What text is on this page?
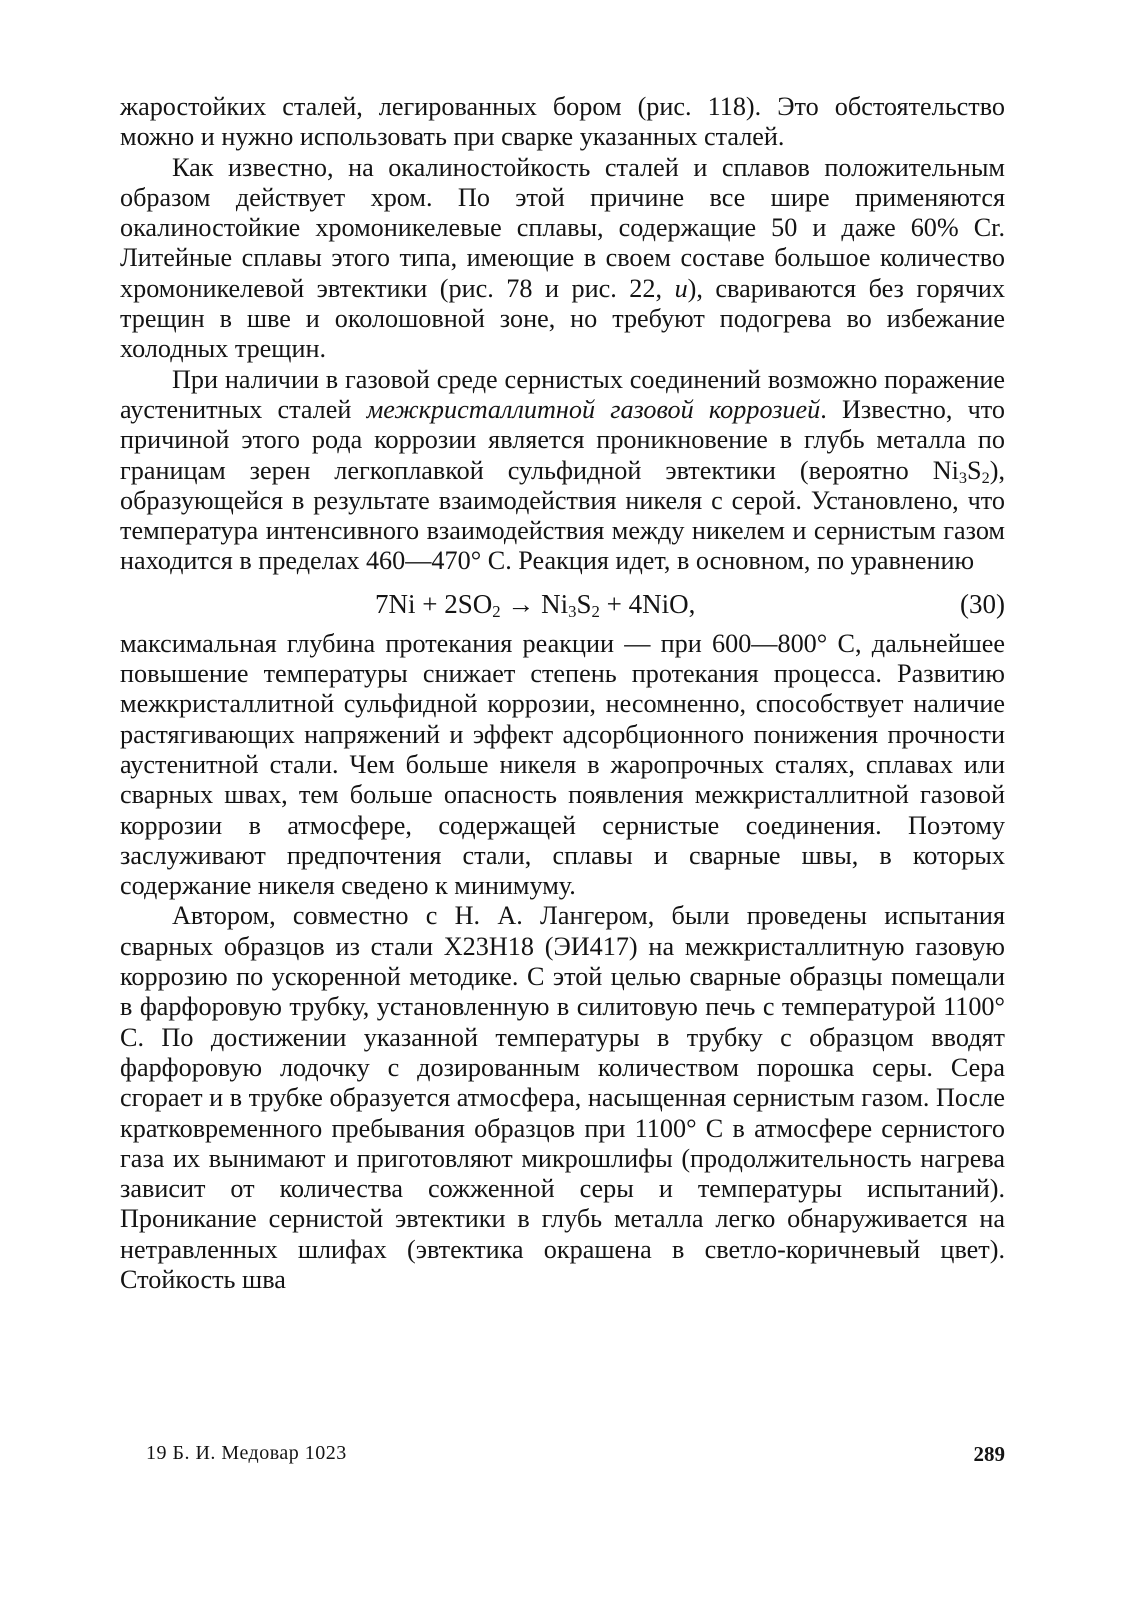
жаростойких сталей, легированных бором (рис. 118). Это обстоятельство можно и нужно использовать при сварке указанных сталей.

Как известно, на окалиностойкость сталей и сплавов положительным образом действует хром. По этой причине все шире применяются окалиностойкие хромоникелевые сплавы, содержащие 50 и даже 60% Cr. Литейные сплавы этого типа, имеющие в своем составе большое количество хромоникелевой эвтектики (рис. 78 и рис. 22, и), свариваются без горячих трещин в шве и околошовной зоне, но требуют подогрева во избежание холодных трещин.

При наличии в газовой среде сернистых соединений возможно поражение аустенитных сталей межкристаллитной газовой коррозией. Известно, что причиной этого рода коррозии является проникновение в глубь металла по границам зерен легкоплавкой сульфидной эвтектики (вероятно $Ni_3S_2$), образующейся в результате взаимодействия никеля с серой. Установлено, что температура интенсивного взаимодействия между никелем и сернистым газом находится в пределах 460—470° С. Реакция идет, в основном, по уравнению

$7Ni + 2SO_2 \to Ni_3S_2 + 4NiO$,	(30)

максимальная глубина протекания реакции — при 600—800° С, дальнейшее повышение температуры снижает степень протекания процесса. Развитию межкристаллитной сульфидной коррозии, несомненно, способствует наличие растягивающих напряжений и эффект адсорбционного понижения прочности аустенитной стали. Чем больше никеля в жаропрочных сталях, сплавах или сварных швах, тем больше опасность появления межкристаллитной газовой коррозии в атмосфере, содержащей сернистые соединения. Поэтому заслуживают предпочтения стали, сплавы и сварные швы, в которых содержание никеля сведено к минимуму.

Автором, совместно с Н. А. Лангером, были проведены испытания сварных образцов из стали Х23Н18 (ЭИ417) на межкристаллитную газовую коррозию по ускоренной методике. С этой целью сварные образцы помещали в фарфоровую трубку, установленную в силитовую печь с температурой 1100° С. По достижении указанной температуры в трубку с образцом вводят фарфоровую лодочку с дозированным количеством порошка серы. Сера сгорает и в трубке образуется атмосфера, насыщенная сернистым газом. После кратковременного пребывания образцов при 1100° С в атмосфере сернистого газа их вынимают и приготовляют микрошлифы (продолжительность нагрева зависит от количества сожженной серы и температуры испытаний). Проникание сернистой эвтектики в глубь металла легко обнаруживается на нетравленных шлифах (эвтектика окрашена в светло-коричневый цвет). Стойкость шва

19 Б. И. Медовар 1023	289
